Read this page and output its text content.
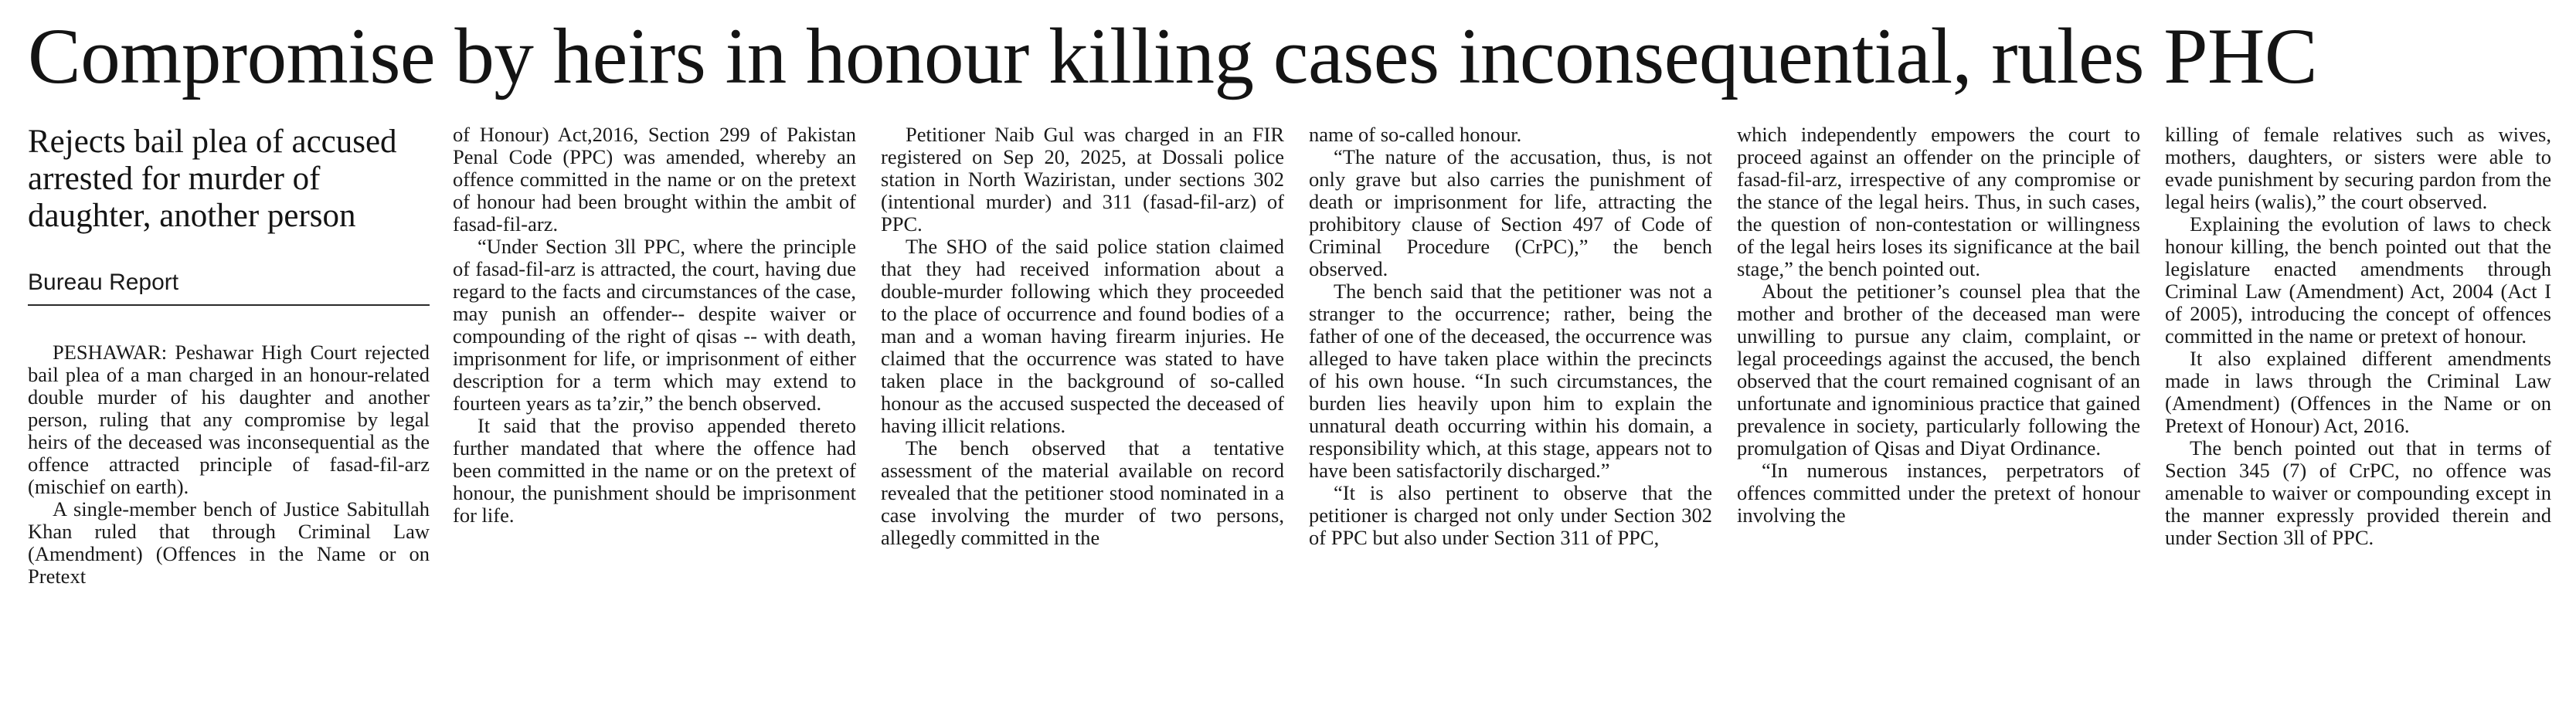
Compromise by heirs in honour killing cases inconsequential, rules PHC
Rejects bail plea of accused arrested for murder of daughter, another person
Bureau Report

PESHAWAR: Peshawar High Court rejected bail plea of a man charged in an honour-related double murder of his daughter and another person, ruling that any compromise by legal heirs of the deceased was inconsequential as the offence attracted principle of fasad-fil-arz (mischief on earth).

A single-member bench of Justice Sabitullah Khan ruled that through Criminal Law (Amendment) (Offences in the Name or on Pretext

of Honour) Act,2016, Section 299 of Pakistan Penal Code (PPC) was amended, whereby an offence committed in the name or on the pretext of honour had been brought within the ambit of fasad-fil-arz.

“Under Section 3ll PPC, where the principle of fasad-fil-arz is attracted, the court, having due regard to the facts and circumstances of the case, may punish an offender-- despite waiver or compounding of the right of qisas -- with death, imprisonment for life, or imprisonment of either description for a term which may extend to fourteen years as ta’zir,” the bench observed.

It said that the proviso appended thereto further mandated that where the offence had been committed in the name or on the pretext of honour, the punishment should be imprisonment for life.

Petitioner Naib Gul was charged in an FIR registered on Sep 20, 2025, at Dossali police station in North Waziristan, under sections 302 (intentional murder) and 311 (fasad-fil-arz) of PPC.

The SHO of the said police station claimed that they had received information about a double-murder following which they proceeded to the place of occurrence and found bodies of a man and a woman having firearm injuries. He claimed that the occurrence was stated to have taken place in the background of so-called honour as the accused suspected the deceased of having illicit relations.

The bench observed that a tentative assessment of the material available on record revealed that the petitioner stood nominated in a case involving the murder of two persons, allegedly committed in the

name of so-called honour.

“The nature of the accusation, thus, is not only grave but also carries the punishment of death or imprisonment for life, attracting the prohibitory clause of Section 497 of Code of Criminal Procedure (CrPC),” the bench observed.

The bench said that the petitioner was not a stranger to the occurrence; rather, being the father of one of the deceased, the occurrence was alleged to have taken place within the precincts of his own house. “In such circumstances, the burden lies heavily upon him to explain the unnatural death occurring within his domain, a responsibility which, at this stage, appears not to have been satisfactorily discharged.”

“It is also pertinent to observe that the petitioner is charged not only under Section 302 of PPC but also under Section 311 of PPC,

which independently empowers the court to proceed against an offender on the principle of fasad-fil-arz, irrespective of any compromise or the stance of the legal heirs. Thus, in such cases, the question of non-contestation or willingness of the legal heirs loses its significance at the bail stage,” the bench pointed out.

About the petitioner’s counsel plea that the mother and brother of the deceased man were unwilling to pursue any claim, complaint, or legal proceedings against the accused, the bench observed that the court remained cognisant of an unfortunate and ignominious practice that gained prevalence in society, particularly following the promulgation of Qisas and Diyat Ordinance.

“In numerous instances, perpetrators of offences committed under the pretext of honour involving the

killing of female relatives such as wives, mothers, daughters, or sisters were able to evade punishment by securing pardon from the legal heirs (walis),” the court observed.

Explaining the evolution of laws to check honour killing, the bench pointed out that the legislature enacted amendments through Criminal Law (Amendment) Act, 2004 (Act I of 2005), introducing the concept of offences committed in the name or pretext of honour.

It also explained different amendments made in laws through the Criminal Law (Amendment) (Offences in the Name or on Pretext of Honour) Act, 2016.

The bench pointed out that in terms of Section 345 (7) of CrPC, no offence was amenable to waiver or compounding except in the manner expressly provided therein and under Section 3ll of PPC.
